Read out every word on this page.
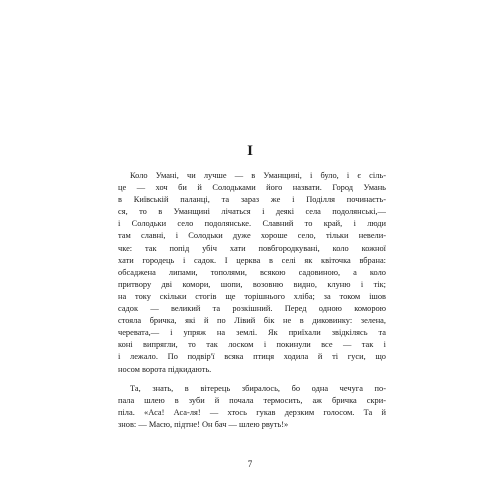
I
Коло Умані, чи лучше — в Уманщині, і було, і є сіль-
це — хоч би й Солодьками його назвати. Город Умань
в Київській паланці, та зараз же і Поділля починаєть-
ся, то в Уманщині лічаться і деякі села подолянські,—
і Солодьки село подолянське. Славний то край, і люди
там славні, і Солодьки дуже хороше село, тільки невели-
чке: так попід убіч хати повбгородкувані, коло кожної
хати городець і садок. І церква в селі як квіточка вбрана:
обсаджена липами, тополями, всякою садовиною, а коло
притвору дві комори, шопи, возовню видно, клуню і тік;
на току скільки стогів ще торішнього хліба; за током ішов
садок — великий та розкішний. Перед одною коморою
стояла бричка, які й по Лівий бік не в диковинку: зелена,
черевата,— і упряж на землі. Як приїхали звідкілясь та
коні випрягли, то так лоском і покинули все — так і
і лежало. По подвір'ї всяка птиця ходила й ті гуси, що
носом ворота підкидають.
Та, знать, в вітерець збиралось, бо одна чечуга по-
пала шлею в зуби й почала термосить, аж бричка скри-
піла. «Аса! Аса-ля! — хтось гукав дерзким голосом. Та й
знов: — Масю, підтне! Он бач — шлею рвуть!»
7
